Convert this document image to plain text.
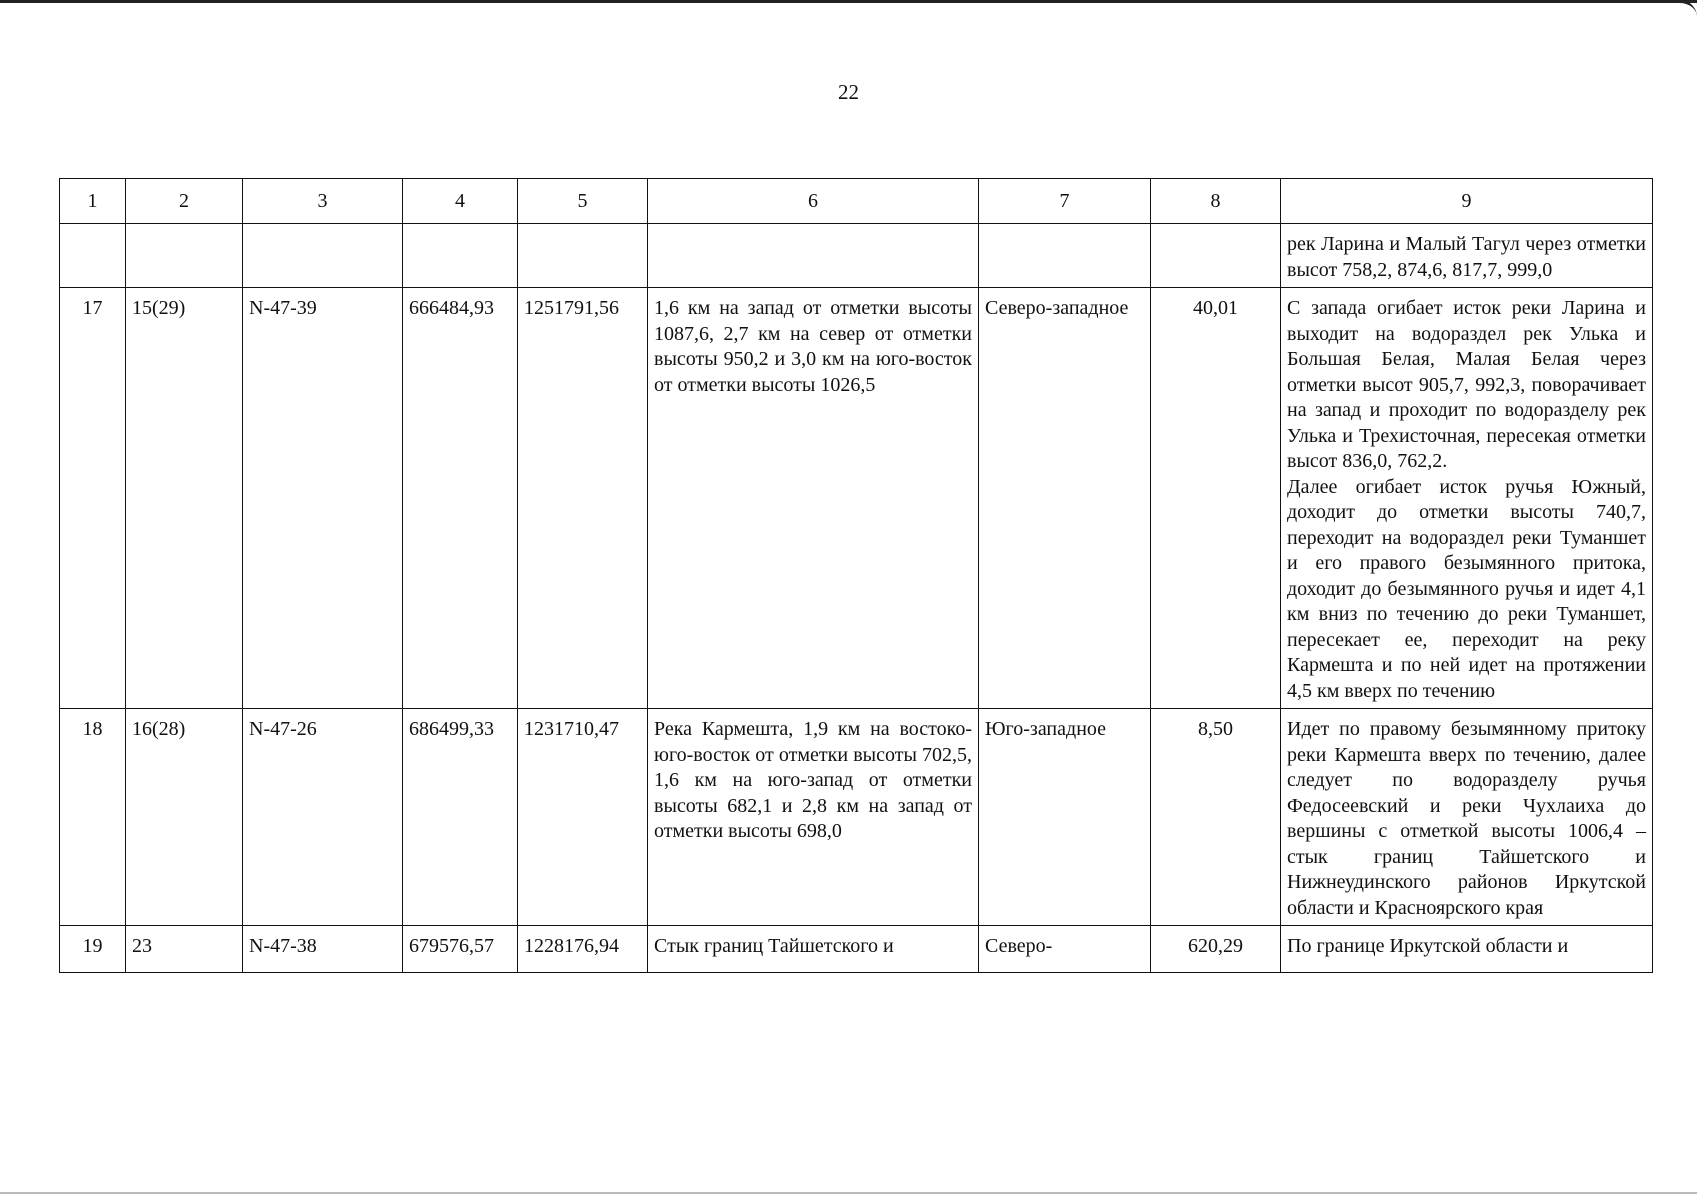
22
1	2	3	4	5	6	7	8	9
								рек Ларина и Малый Тагул через отметки высот 758,2, 874,6, 817,7, 999,0
17	15(29)	N-47-39	666484,93	1251791,56	1,6 км на запад от отметки высоты 1087,6, 2,7 км на север от отметки высоты 950,2 и 3,0 км на юго-восток от отметки высоты 1026,5	Северо-западное	40,01	С запада огибает исток реки Ларина и выходит на водораздел рек Улька и Большая Белая, Малая Белая через отметки высот 905,7, 992,3, поворачивает на запад и проходит по водоразделу рек Улька и Трехисточная, пересекая отметки высот 836,0, 762,2.
Далее огибает исток ручья Южный, доходит до отметки высоты 740,7, переходит на водораздел реки Туманшет и его правого безымянного притока, доходит до безымянного ручья и идет 4,1 км вниз по течению до реки Туманшет, пересекает ее, переходит на реку Кармешта и по ней идет на протяжении 4,5 км вверх по течению

18	16(28)	N-47-26	686499,33	1231710,47	Река Кармешта, 1,9 км на востоко-юго-восток от отметки высоты 702,5, 1,6 км на юго-запад от отметки высоты 682,1 и 2,8 км на запад от отметки высоты 698,0	Юго-западное	8,50	Идет по правому безымянному притоку реки Кармешта вверх по течению, далее следует по водоразделу ручья Федосеевский и реки Чухлаиха до вершины с отметкой высоты 1006,4 – стык границ Тайшетского и Нижнеудинского районов Иркутской области и Красноярского края
19	23	N-47-38	679576,57	1228176,94	Стык границ Тайшетского и	Северо-	620,29	По границе Иркутской области и
